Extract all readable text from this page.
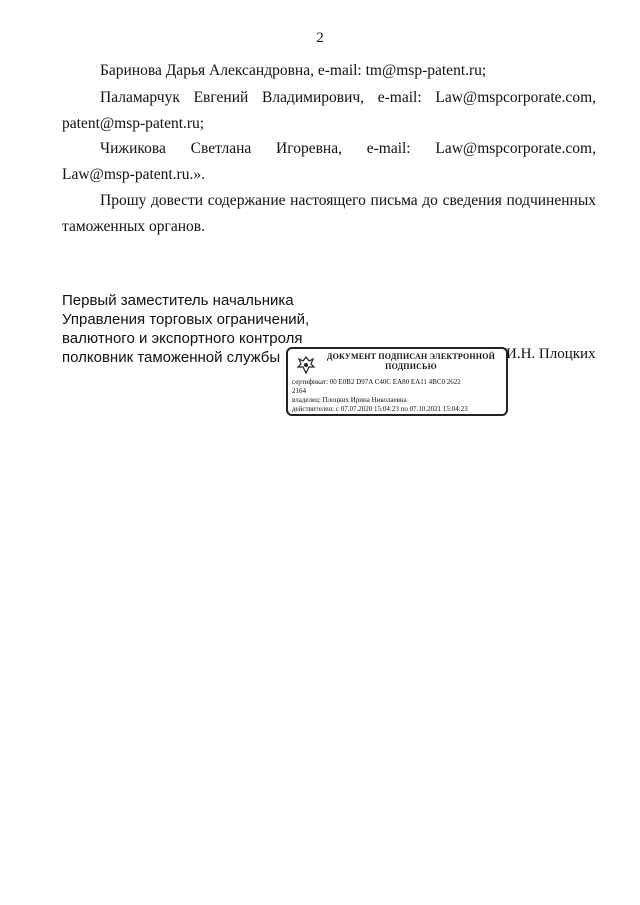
2
Баринова Дарья Александровна, e-mail: tm@msp-patent.ru;
Паламарчук Евгений Владимирович, e-mail: Law@mspcorporate.com,
patent@msp-patent.ru;
Чижикова Светлана Игоревна, e-mail: Law@mspcorporate.com,
Law@msp-patent.ru.».
Прошу довести содержание настоящего письма до сведения подчиненных
таможенных органов.
Первый заместитель начальника
Управления торговых ограничений,
валютного и экспортного контроля
полковник таможенной службы	ДОКУМЕНТ ПОДПИСАН ЭЛЕКТРОННОЙ
ПОДПИСЬЮ
сертификат: 00 E0B2 D97A C40C EA80 EA11 4BC0 2622
2164
владелец: Плоцких Ирина Николаевна
действителен: с 07.07.2020 15:04:23 по 07.10.2021 15:04:23
И.Н. Плоцких
